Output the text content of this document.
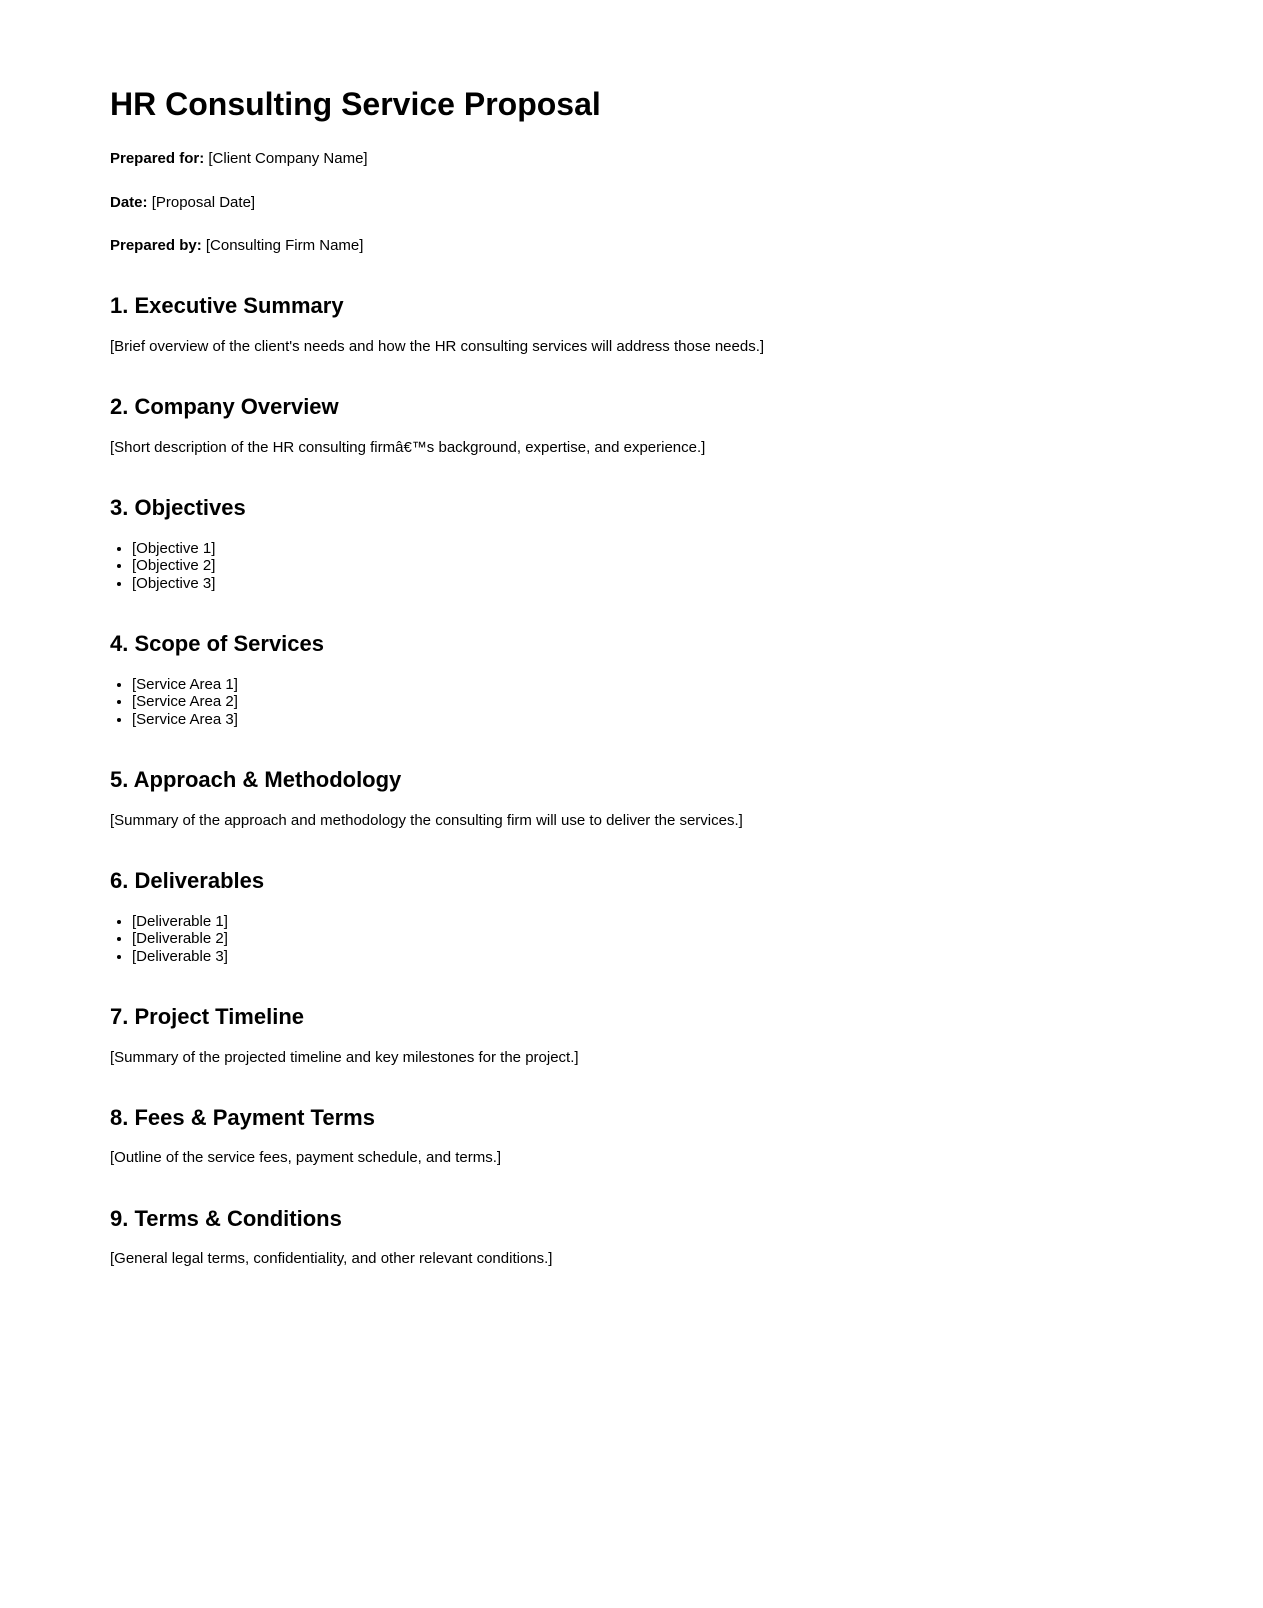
HR Consulting Service Proposal

Prepared for: [Client Company Name]

Date: [Proposal Date]

Prepared by: [Consulting Firm Name]

1. Executive Summary

[Brief overview of the client's needs and how the HR consulting services will address those needs.]

2. Company Overview

[Short description of the HR consulting firmâ€™s background, expertise, and experience.]

3. Objectives
• [Objective 1]
• [Objective 2]
• [Objective 3]
4. Scope of Services
• [Service Area 1]
• [Service Area 2]
• [Service Area 3]
5. Approach & Methodology

[Summary of the approach and methodology the consulting firm will use to deliver the services.]

6. Deliverables
• [Deliverable 1]
• [Deliverable 2]
• [Deliverable 3]
7. Project Timeline

[Summary of the projected timeline and key milestones for the project.]

8. Fees & Payment Terms

[Outline of the service fees, payment schedule, and terms.]

9. Terms & Conditions

[General legal terms, confidentiality, and other relevant conditions.]
